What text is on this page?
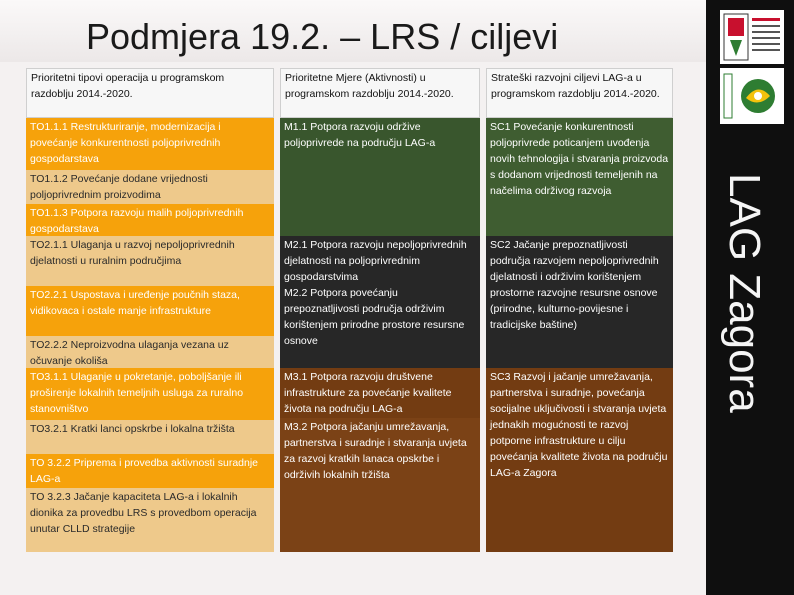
Podmjera 19.2. – LRS / ciljevi
LAG Zagora
Prioritetni tipovi operacija u programskom razdoblju 2014.-2020.
Prioritetne Mjere (Aktivnosti) u programskom razdoblju 2014.-2020.
Strateški razvojni ciljevi LAG-a u programskom razdoblju 2014.-2020.
TO1.1.1 Restrukturiranje, modernizacija i povećanje konkurentnosti poljoprivrednih gospodarstava
TO1.1.2 Povećanje dodane vrijednosti poljoprivrednim proizvodima
TO1.1.3 Potpora razvoju malih poljoprivrednih gospodarstava
TO2.1.1 Ulaganja u razvoj nepoljoprivrednih djelatnosti u ruralnim područjima
TO2.2.1 Uspostava i uređenje poučnih staza, vidikovaca i ostale manje infrastrukture
TO2.2.2 Neproizvodna ulaganja vezana uz očuvanje okoliša
TO3.1.1 Ulaganje u pokretanje, poboljšanje ili proširenje lokalnih temeljnih usluga za ruralno stanovništvo
TO3.2.1 Kratki lanci opskrbe i lokalna tržišta
TO 3.2.2 Priprema i provedba aktivnosti suradnje LAG-a
TO 3.2.3 Jačanje kapaciteta LAG-a i lokalnih dionika za provedbu LRS s provedbom operacija unutar CLLD strategije
M1.1 Potpora razvoju održive poljoprivrede na području LAG-a
M2.1 Potpora razvoju nepoljoprivrednih djelatnosti na poljoprivrednim gospodarstvima
M2.2 Potpora povećanju prepoznatljivosti područja održivim korištenjem prirodne prostore resursne osnove
M3.1 Potpora razvoju društvene infrastrukture za povećanje kvalitete života na području LAG-a
M3.2 Potpora jačanju umrežavanja, partnerstva i suradnje i stvaranja uvjeta za razvoj kratkih lanaca opskrbe i održivih lokalnih tržišta
SC1 Povećanje konkurentnosti poljoprivrede poticanjem uvođenja novih tehnologija i stvaranja proizvoda s dodanom vrijednosti temeljenih na načelima održivog razvoja
SC2 Jačanje prepoznatljivosti područja razvojem nepoljoprivrednih djelatnosti i održivim korištenjem prostorne razvojne resursne osnove (prirodne, kulturno-povijesne i tradicijske baštine)
SC3 Razvoj i jačanje umrežavanja, partnerstva i suradnje, povećanja socijalne uključivosti i stvaranja uvjeta jednakih mogućnosti te razvoj potporne infrastrukture u cilju povećanja kvalitete života na području LAG-a Zagora
